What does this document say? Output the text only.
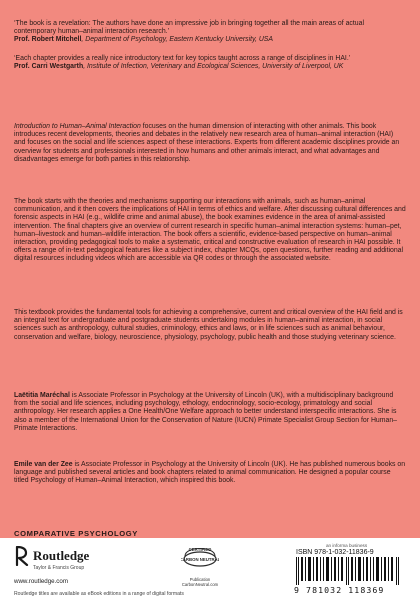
‘The book is a revelation: The authors have done an impressive job in bringing together all the main areas of actual contemporary human–animal interaction research.’
Prof. Robert Mitchell, Department of Psychology, Eastern Kentucky University, USA

‘Each chapter provides a really nice introductory text for key topics taught across a range of disciplines in HAI.’
Prof. Carri Westgarth, Institute of Infection, Veterinary and Ecological Sciences, University of Liverpool, UK

Introduction to Human–Animal Interaction focuses on the human dimension of interacting with other animals. This book introduces recent developments, theories and debates in the relatively new research area of human–animal interaction (HAI) and focuses on the social and life sciences aspect of these interactions. Experts from different academic disciplines provide an overview for students and professionals interested in how humans and other animals interact, and what advantages and disadvantages emerge for both parties in this relationship.

The book starts with the theories and mechanisms supporting our interactions with animals, such as human–animal communication, and it then covers the implications of HAI in terms of ethics and welfare. After discussing cultural differences and forensic aspects in HAI (e.g., wildlife crime and animal abuse), the book examines evidence in the area of animal-assisted intervention. The final chapters give an overview of current research in specific human–animal interaction systems: human–pet, human–livestock and human–wildlife interaction. The book offers a scientific, evidence-based perspective on human–animal interaction, providing pedagogical tools to make a systematic, critical and constructive evaluation of research in HAI possible. It offers a range of in-text pedagogical features like a subject index, chapter MCQs, open questions, further reading and additional digital resources including videos which are accessible via QR codes or through the associated website.

This textbook provides the fundamental tools for achieving a comprehensive, current and critical overview of the HAI field and is an integral text for undergraduate and postgraduate students undertaking modules in human–animal interaction, in social sciences such as anthropology, cultural studies, criminology, ethics and laws, or in life sciences such as animal behaviour, conservation and welfare, biology, neuroscience, physiology, psychology, public health and those studying veterinary science.

Laëtitia Maréchal is Associate Professor in Psychology at the University of Lincoln (UK), with a multidisciplinary background from the social and life sciences, including psychology, ethology, endocrinology, socio-ecology, primatology and social anthropology. Her research applies a One Health/One Welfare approach to better understand interspecific interactions. She is also a member of the International Union for the Conservation of Nature (IUCN) Primate Specialist Group Section for Human–Primate Interactions.

Emile van der Zee is Associate Professor in Psychology at the University of Lincoln (UK). He has published numerous books on language and published several articles and book chapters related to animal communication. He designed a popular course titled Psychology of Human–Animal Interaction, which inspired this book.

COMPARATIVE PSYCHOLOGY
Routledge
Taylor & Francis Group
www.routledge.com
Routledge titles are available as eBook editions in a range of digital formats
CERTIFIED
CARBON NEUTRAL
Publication
CarbonNeutral.com
an informa business
ISBN 978-1-032-11836-9
9 781032 118369
